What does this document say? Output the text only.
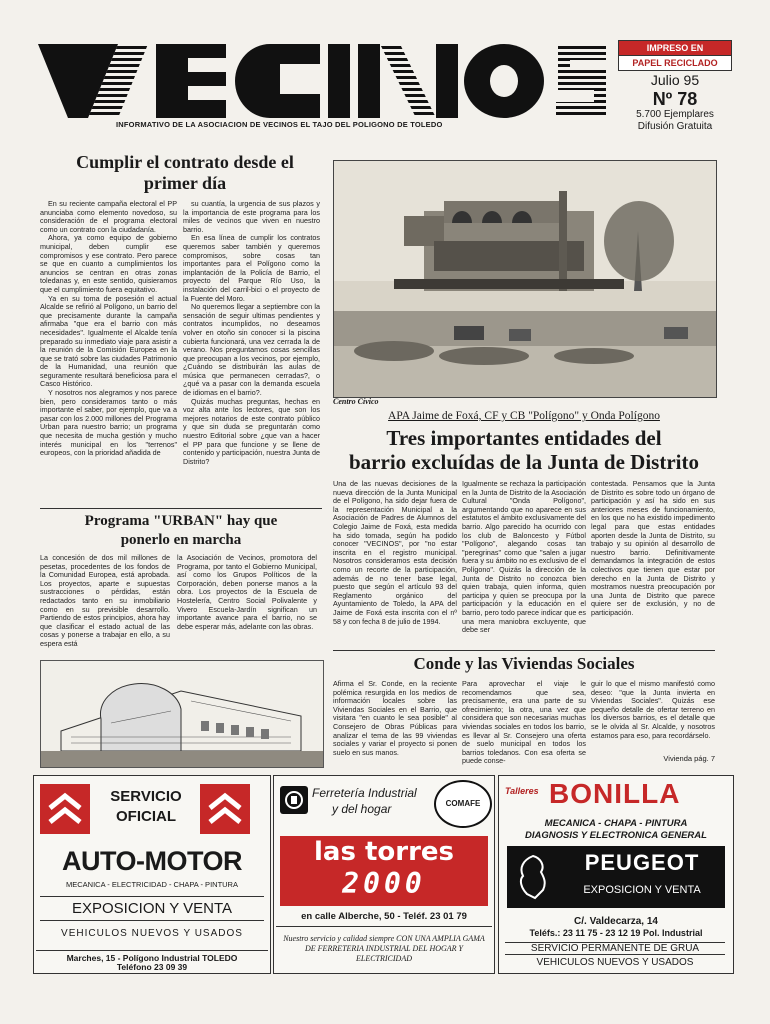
INFORMATIVO DE LA ASOCIACION DE VECINOS EL TAJO DEL POLIGONO DE TOLEDO
IMPRESO EN
PAPEL RECICLADO
Julio 95
Nº 78
5.700 Ejemplares
Difusión Gratuita
Cumplir el contrato desde el
primer día

En su reciente campaña electoral el PP anunciaba como elemento novedoso, su consideración de el programa electoral como un contrato con la ciudadanía.

Ahora, ya como equipo de gobierno municipal, deben cumplir ese compromisos y ese contrato. Pero parece se que en cuanto a cumplimientos los anuncios se centran en otras zonas toledanas y, en este sentido, quisieramos que el cumplimiento fuera equitativo.

Ya en su toma de posesión el actual Alcalde se refirió al Polígono, un barrio del que precisamente durante la campaña afirmaba "que era el barrio con más necesidades". Igualmente el Alcalde tenía preparado su inmediato viaje para asistir a la reunión de la Comisión Europea en la que se trató sobre las ciudades Patrimonio de la Humanidad, una reunión que seguramente resultará beneficiosa para el Casco Histórico.

Y nosotros nos alegramos y nos parece bien, pero consideramos tanto o más importante el saber, por ejemplo, que va a pasar con los 2.000 millones del Programa Urban para nuestro barrio; un programa que necesita de mucha gestión y mucho interés municipal en los "terrenos" europeos, con la prioridad añadida de

su cuantía, la urgencia de sus plazos y la importancia de este programa para los miles de vecinos que viven en nuestro barrio.

En esa línea de cumplir los contratos queremos saber también y queremos compromisos, sobre cosas tan importantes para el Polígono como la implantación de la Policía de Barrio, el proyecto del Parque Río Uso, la instalación del carril-bici o el proyecto de la Fuente del Moro.

No queremos llegar a septiembre con la sensación de seguir ultimas pendientes y contratos incumplidos, no deseamos volver en otoño sin conocer si la piscina cubierta funcionará, una vez cerrada la de verano. Nos preguntamos cosas sencillas que preocupan a los vecinos, por ejemplo, ¿Cuándo se distribuirán las aulas de música que permanecen cerradas?, o ¿qué va a pasar con la demanda escuela de idiomas en el barrio?.

Quizás muchas preguntas, hechas en voz alta ante los lectores, que son los mejores notarios de este contrato público y que sin duda se preguntarán como nuestro Editorial sobre ¿que van a hacer el PP para que funcione y se llene de contenido y participación, nuestra Junta de Distrito?

Centro Cívico
APA Jaime de Foxá, CF y CB "Polígono" y Onda Polígono
Tres importantes entidades del
barrio excluídas de la Junta de Distrito
Una de las nuevas decisiones de la nueva dirección de la Junta Municipal de el Polígono, ha sido dejar fuera de la representación Municipal a la Asociación de Padres de Alumnos del Colegio Jaime de Foxá, esta medida ha sido tomada, según ha podido conocer "VECINOS", por "no estar inscrita en el registro municipal. Nosotros consideramos esta decisión como un recorte de la participación, además de no tener base legal, puesto que según el artículo 93 del Reglamento orgánico del Ayuntamiento de Toledo, la APA del Jaime de Foxá esta inscrita con el nº 58 y con fecha 8 de julio de 1994.
Igualmente se rechaza la participación en la Junta de Distrito de la Asociación Cultural "Onda Polígono", argumentando que no aparece en sus estatutos el ámbito exclusivamente del barrio. Algo parecido ha ocurrido con los club de Baloncesto y Fútbol "Polígono", alegando cosas tan "peregrinas" como que "salen a jugar fuera y su ámbito no es exclusivo de el Polígono". Quizás la dirección de la Junta de Distrito no conozca bien quien trabaja, quien informa, quien participa y quien se preocupa por la participación y la educación en el barrio, pero todo parece indicar que es una mera maniobra excluyente, que debe ser
contestada. Pensamos que la Junta de Distrito es sobre todo un órgano de participación y así ha sido en sus anteriores meses de funcionamiento, en los que no ha existido impedimento legal para que estas entidades aporten desde la Junta de Distrito, su trabajo y su opinión al desarrollo de nuestro barrio. Definitivamente demandamos la integración de estos colectivos que tienen que estar por derecho en la Junta de Distrito y mostramos nuestra preocupación por una Junta de Distrito que parece quiere ser de exclusión, y no de participación.
Programa "URBAN" hay que
ponerlo en marcha
La concesión de dos mil millones de pesetas, procedentes de los fondos de la Comunidad Europea, está aprobada. Los proyectos, aparte e supuestas sustracciones o pérdidas, están redactados tanto en su inmobiliario como en su previsible desarrollo. Partiendo de estos principios, ahora hay que clasificar el estado actual de las cosas y ponerse a trabajar en ello, a su espera está
la Asociación de Vecinos, promotora del Programa, por tanto el Gobierno Municipal, así como los Grupos Políticos de la Corporación, deben ponerse manos a la obra. Los proyectos de la Escuela de Hostelería, Centro Social Polivalente y Vivero Escuela-Jardín significan un importante avance para el barrio, no se debe esperar más, adelante con las obras.
Conde y las Viviendas Sociales
Afirma el Sr. Conde, en la reciente polémica resurgida en los medios de información locales sobre las Viviendas Sociales en el Barrio, que visitara "en cuanto le sea posible" al Consejero de Obras Públicas para analizar el tema de las 99 viviendas sociales y variar el proyecto si ponen suelo en sus manos.
Para aprovechar el viaje le recomendamos que sea, precisamente, era una parte de su ofrecimiento; la otra, una vez que considera que son necesarias muchas viviendas sociales en todos los barrio, es llevar al Sr. Consejero una oferta de suelo municipal en todos los barrios toledanos. Con esa oferta se puede conse-
guir lo que el mismo manifestó como deseo: "que la Junta invierta en Viviendas Sociales". Quizás ese pequeño detalle de ofertar terreno en los diversos barrios, es el detalle que se le olvida al Sr. Alcalde, y nosotros estamos para eso, para recordárselo.
Vivienda pág. 7
SERVICIO
OFICIAL
AUTO-MOTOR
MECANICA - ELECTRICIDAD - CHAPA - PINTURA
EXPOSICION Y VENTA
VEHICULOS NUEVOS Y USADOS
Marches, 15 - Polígono Industrial TOLEDO
Teléfono 23 09 39
Ferretería Industrial
y del hogar	COMAFE
las torres
2000
en calle Alberche, 50 - Teléf. 23 01 79
Nuestro servicio y calidad siempre CON UNA AMPLIA GAMA DE FERRETERIA INDUSTRIAL DEL HOGAR Y ELECTRICIDAD
Talleres BONILLA
MECANICA - CHAPA - PINTURA
DIAGNOSIS Y ELECTRONICA GENERAL
PEUGEOT
EXPOSICION Y VENTA
C/. Valdecarza, 14
Teléfs.: 23 11 75 - 23 12 19 Pol. Industrial
SERVICIO PERMANENTE DE GRUA
VEHICULOS NUEVOS Y USADOS
